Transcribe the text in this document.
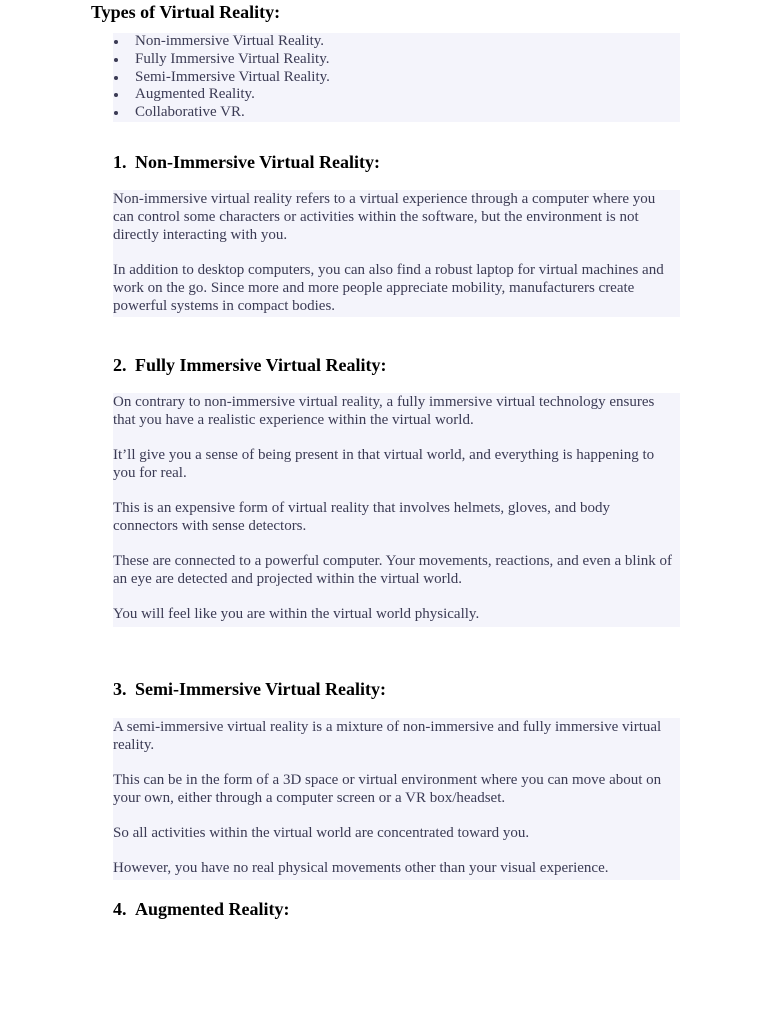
Types of Virtual Reality:
Non-immersive Virtual Reality.
Fully Immersive Virtual Reality.
Semi-Immersive Virtual Reality.
Augmented Reality.
Collaborative VR.
1. Non-Immersive Virtual Reality:

Non-immersive virtual reality refers to a virtual experience through a computer where you can control some characters or activities within the software, but the environment is not directly interacting with you.

In addition to desktop computers, you can also find a robust laptop for virtual machines and work on the go. Since more and more people appreciate mobility, manufacturers create powerful systems in compact bodies.

2. Fully Immersive Virtual Reality:

On contrary to non-immersive virtual reality, a fully immersive virtual technology ensures that you have a realistic experience within the virtual world.

It’ll give you a sense of being present in that virtual world, and everything is happening to you for real.

This is an expensive form of virtual reality that involves helmets, gloves, and body connectors with sense detectors.

These are connected to a powerful computer. Your movements, reactions, and even a blink of an eye are detected and projected within the virtual world.

You will feel like you are within the virtual world physically.

3. Semi-Immersive Virtual Reality:

A semi-immersive virtual reality is a mixture of non-immersive and fully immersive virtual reality.

This can be in the form of a 3D space or virtual environment where you can move about on your own, either through a computer screen or a VR box/headset.

So all activities within the virtual world are concentrated toward you.

However, you have no real physical movements other than your visual experience.

4. Augmented Reality:
